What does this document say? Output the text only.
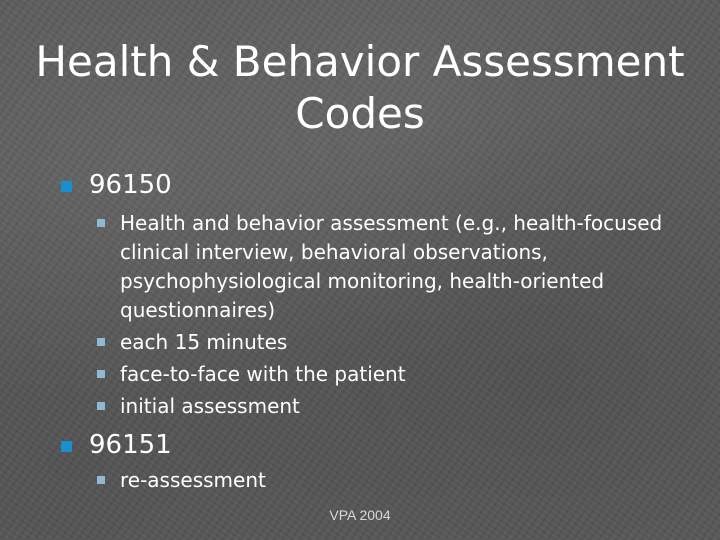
Health & Behavior Assessment Codes
96150
Health and behavior assessment (e.g., health-focused clinical interview, behavioral observations, psychophysiological monitoring, health-oriented questionnaires)
each 15 minutes
face-to-face with the patient
initial assessment
96151
re-assessment
VPA 2004
